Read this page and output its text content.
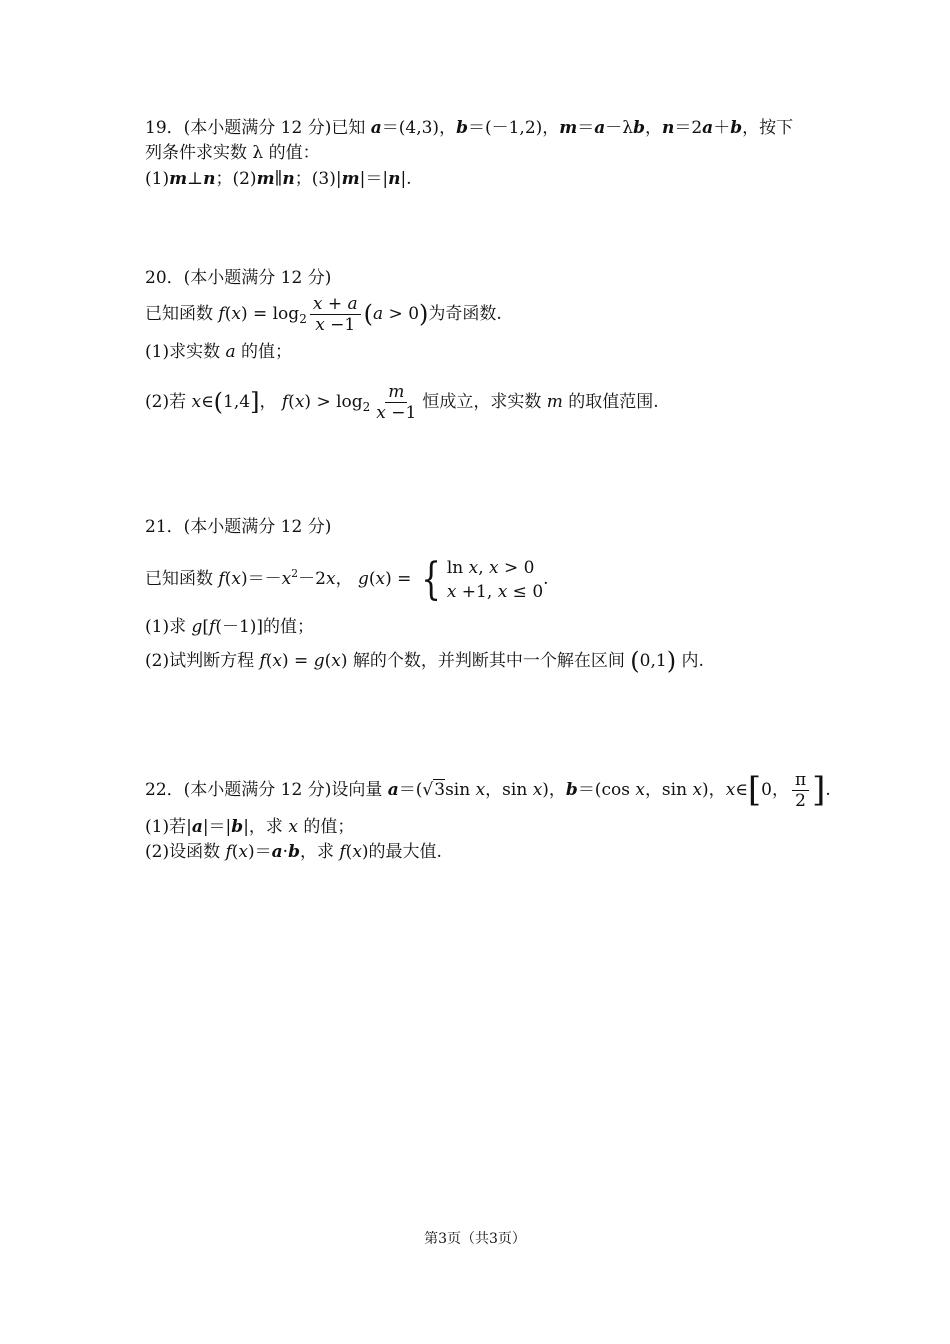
19．(本小题满分 12 分)已知 a＝(4,3)，b＝(－1,2)，m＝a－λb，n＝2a＋b，按下
列条件求实数 λ 的值：
(1)m⊥n；(2)m∥n；(3)|m|＝|n|.
20．(本小题满分 12 分)
已知函数 $f(x) = \log_2 \frac{x + a}{x -1} (a > 0)$为奇函数.
(1)求实数 a 的值；
(2)若 x∈(1,4]， $f(x) > \log_2 \frac{m}{x -1}$ 恒成立，求实数 m 的取值范围.
21．(本小题满分 12 分)
已知函数 $f(x)=-x^2-2x$， g(x) = { ln x, x > 0
x +1, x ≤ 0
.
(1)求 g[f(－1)]的值；
(2)试判断方程 f(x) = g(x) 解的个数，并判断其中一个解在区间 (0,1) 内.
22．(本小题满分 12 分)设向量 a＝(√3sin x，sin x)，b＝(cos x，sin x)，x∈[0， $\frac{\pi}{2}$ ].
(1)若|a|＝|b|，求 x 的值；
(2)设函数 f(x)＝a·b，求 f(x)的最大值.
第3页（共3页）
